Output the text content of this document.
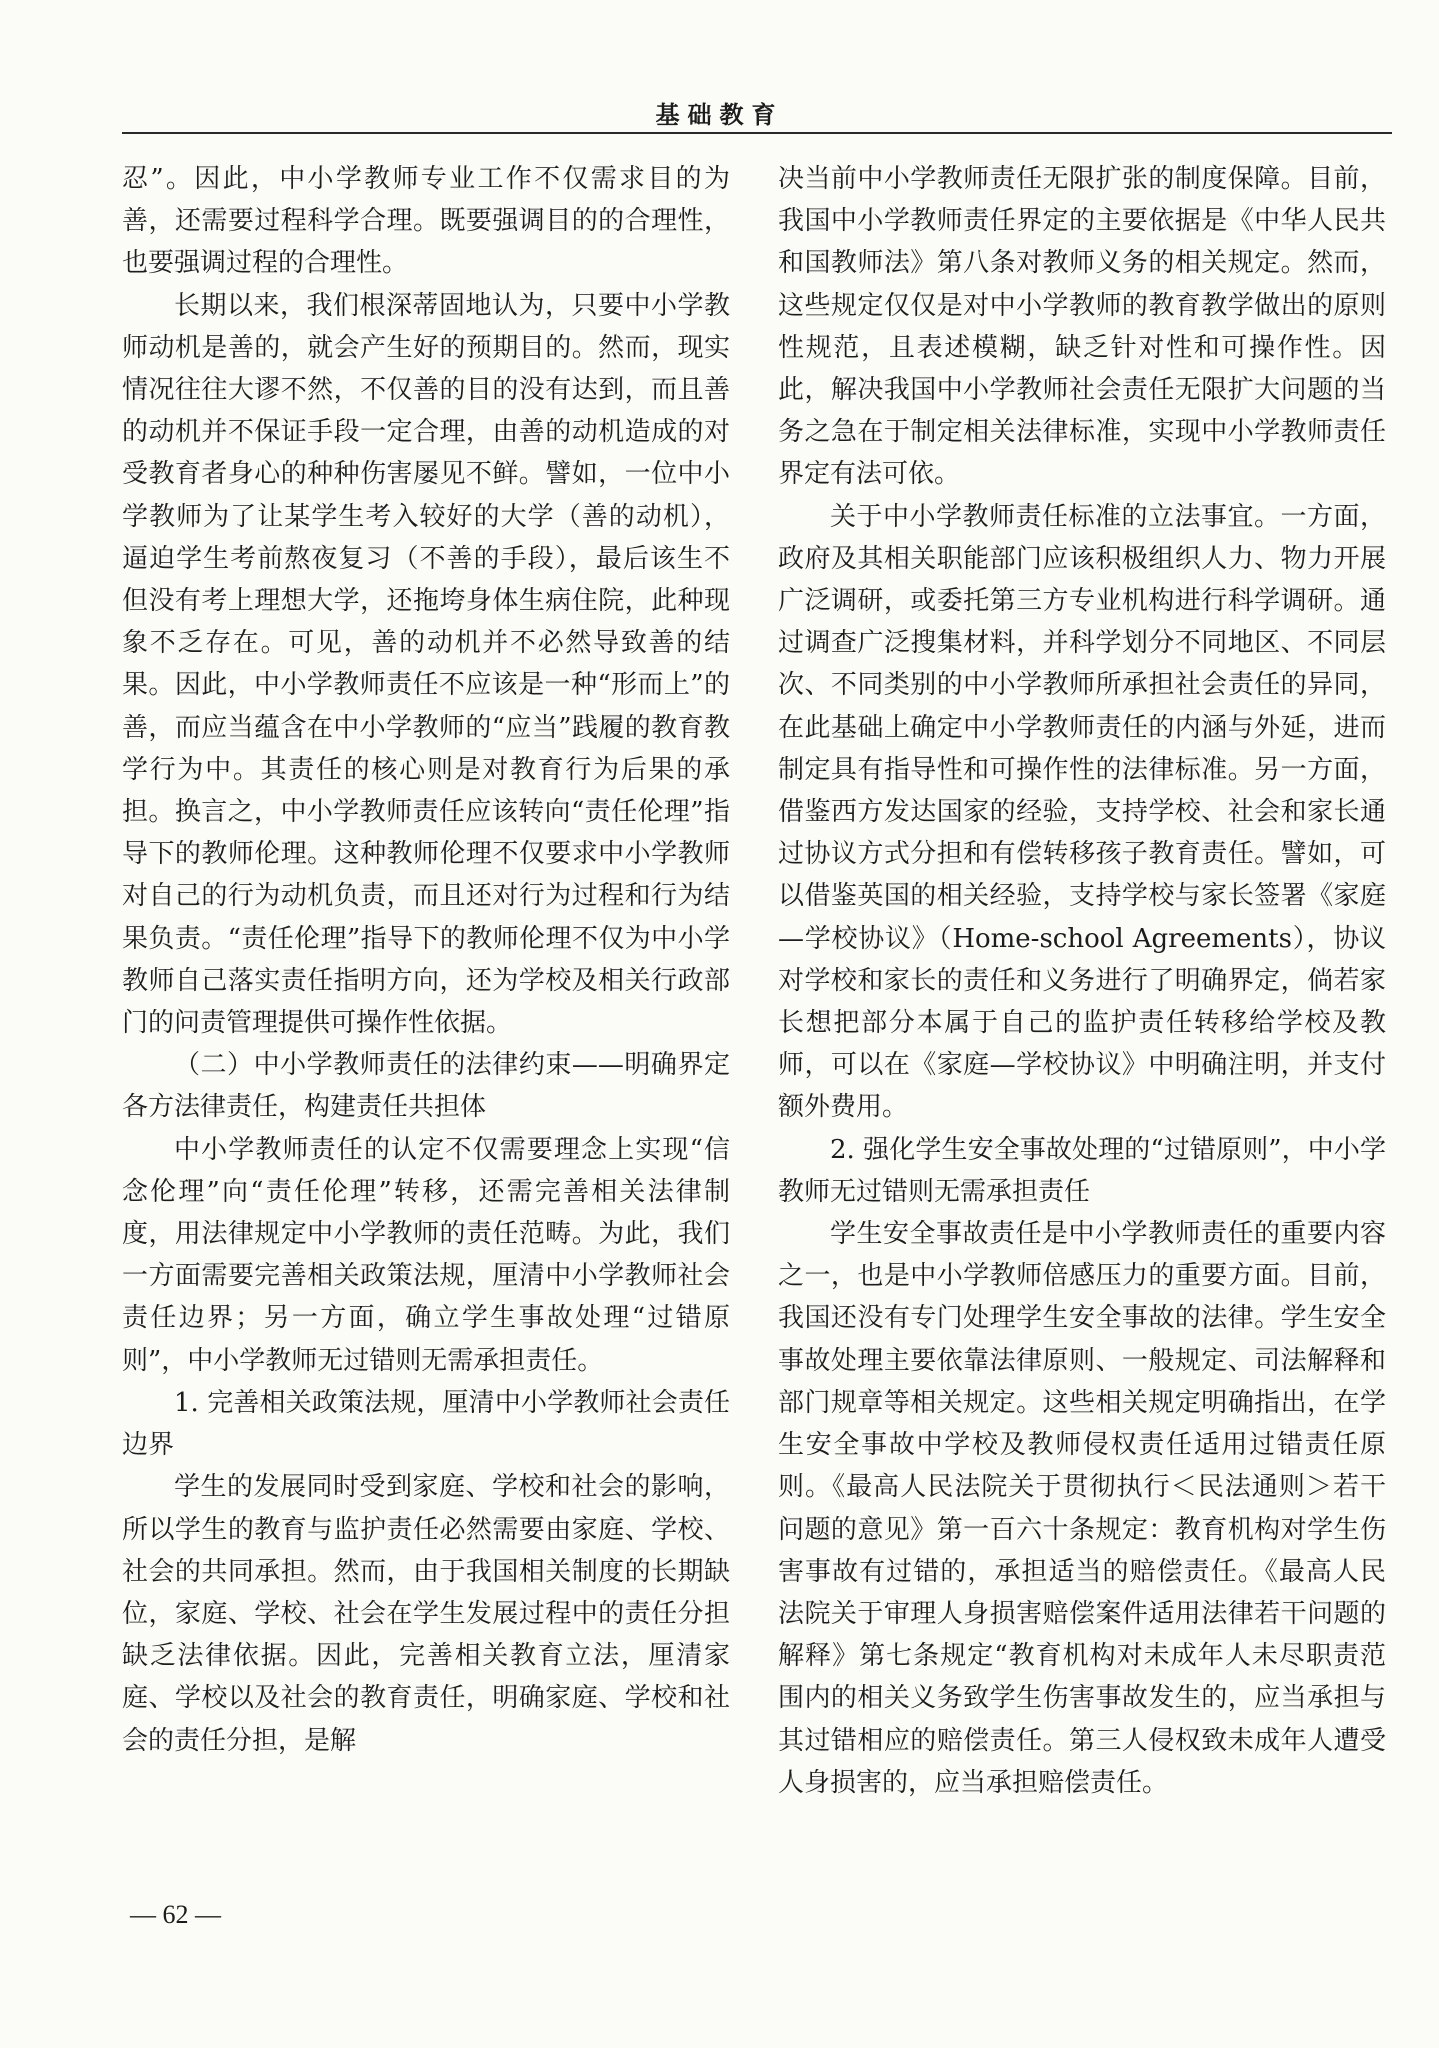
基础教育

忍”。因此，中小学教师专业工作不仅需求目的为善，还需要过程科学合理。既要强调目的的合理性，也要强调过程的合理性。

长期以来，我们根深蒂固地认为，只要中小学教师动机是善的，就会产生好的预期目的。然而，现实情况往往大谬不然，不仅善的目的没有达到，而且善的动机并不保证手段一定合理，由善的动机造成的对受教育者身心的种种伤害屡见不鲜。譬如，一位中小学教师为了让某学生考入较好的大学（善的动机），逼迫学生考前熬夜复习（不善的手段），最后该生不但没有考上理想大学，还拖垮身体生病住院，此种现象不乏存在。可见，善的动机并不必然导致善的结果。因此，中小学教师责任不应该是一种“形而上”的善，而应当蕴含在中小学教师的“应当”践履的教育教学行为中。其责任的核心则是对教育行为后果的承担。换言之，中小学教师责任应该转向“责任伦理”指导下的教师伦理。这种教师伦理不仅要求中小学教师对自己的行为动机负责，而且还对行为过程和行为结果负责。“责任伦理”指导下的教师伦理不仅为中小学教师自己落实责任指明方向，还为学校及相关行政部门的问责管理提供可操作性依据。

（二）中小学教师责任的法律约束——明确界定各方法律责任，构建责任共担体

中小学教师责任的认定不仅需要理念上实现“信念伦理”向“责任伦理”转移，还需完善相关法律制度，用法律规定中小学教师的责任范畴。为此，我们一方面需要完善相关政策法规，厘清中小学教师社会责任边界；另一方面，确立学生事故处理“过错原则”，中小学教师无过错则无需承担责任。

1. 完善相关政策法规，厘清中小学教师社会责任边界

学生的发展同时受到家庭、学校和社会的影响，所以学生的教育与监护责任必然需要由家庭、学校、社会的共同承担。然而，由于我国相关制度的长期缺位，家庭、学校、社会在学生发展过程中的责任分担缺乏法律依据。因此，完善相关教育立法，厘清家庭、学校以及社会的教育责任，明确家庭、学校和社会的责任分担，是解

决当前中小学教师责任无限扩张的制度保障。目前，我国中小学教师责任界定的主要依据是《中华人民共和国教师法》第八条对教师义务的相关规定。然而，这些规定仅仅是对中小学教师的教育教学做出的原则性规范，且表述模糊，缺乏针对性和可操作性。因此，解决我国中小学教师社会责任无限扩大问题的当务之急在于制定相关法律标准，实现中小学教师责任界定有法可依。

关于中小学教师责任标准的立法事宜。一方面，政府及其相关职能部门应该积极组织人力、物力开展广泛调研，或委托第三方专业机构进行科学调研。通过调查广泛搜集材料，并科学划分不同地区、不同层次、不同类别的中小学教师所承担社会责任的异同，在此基础上确定中小学教师责任的内涵与外延，进而制定具有指导性和可操作性的法律标准。另一方面，借鉴西方发达国家的经验，支持学校、社会和家长通过协议方式分担和有偿转移孩子教育责任。譬如，可以借鉴英国的相关经验，支持学校与家长签署《家庭—学校协议》（Home-school Agreements），协议对学校和家长的责任和义务进行了明确界定，倘若家长想把部分本属于自己的监护责任转移给学校及教师，可以在《家庭—学校协议》中明确注明，并支付额外费用。

2. 强化学生安全事故处理的“过错原则”，中小学教师无过错则无需承担责任

学生安全事故责任是中小学教师责任的重要内容之一，也是中小学教师倍感压力的重要方面。目前，我国还没有专门处理学生安全事故的法律。学生安全事故处理主要依靠法律原则、一般规定、司法解释和部门规章等相关规定。这些相关规定明确指出，在学生安全事故中学校及教师侵权责任适用过错责任原则。《最高人民法院关于贯彻执行＜民法通则＞若干问题的意见》第一百六十条规定：教育机构对学生伤害事故有过错的，承担适当的赔偿责任。《最高人民法院关于审理人身损害赔偿案件适用法律若干问题的解释》第七条规定“教育机构对未成年人未尽职责范围内的相关义务致学生伤害事故发生的，应当承担与其过错相应的赔偿责任。第三人侵权致未成年人遭受人身损害的，应当承担赔偿责任。

— 62 —
